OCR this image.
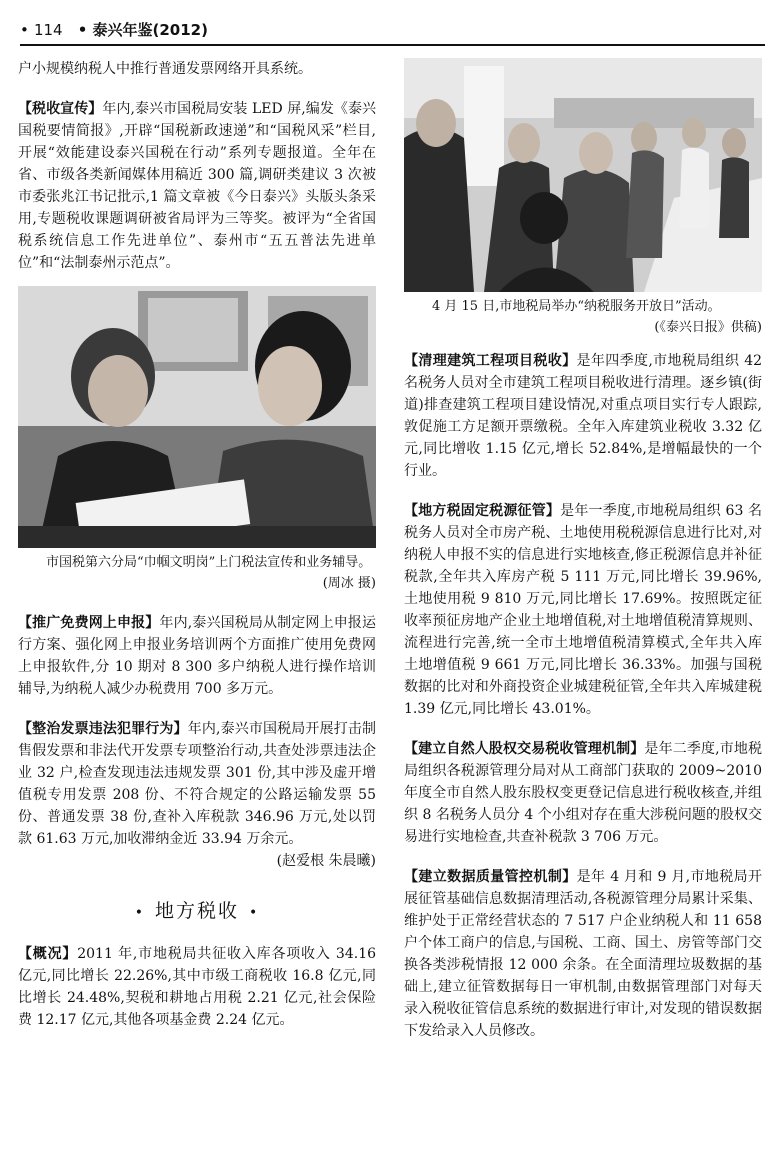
• 114 • 泰兴年鉴(2012)

户小规模纳税人中推行普通发票网络开具系统。

【税收宣传】年内,泰兴市国税局安装 LED 屏,编发《泰兴国税要情简报》,开辟“国税新政速递”和“国税风采”栏目,开展“效能建设泰兴国税在行动”系列专题报道。全年在省、市级各类新闻媒体用稿近 300 篇,调研类建议 3 次被市委张兆江书记批示,1 篇文章被《今日泰兴》头版头条采用,专题税收课题调研被省局评为三等奖。被评为“全省国税系统信息工作先进单位”、泰州市“五五普法先进单位”和“法制泰州示范点”。

市国税第六分局“巾帼文明岗”上门税法宣传和业务辅导。
(周冰 摄)

【推广免费网上申报】年内,泰兴国税局从制定网上申报运行方案、强化网上申报业务培训两个方面推广使用免费网上申报软件,分 10 期对 8 300 多户纳税人进行操作培训辅导,为纳税人减少办税费用 700 多万元。

【整治发票违法犯罪行为】年内,泰兴市国税局开展打击制售假发票和非法代开发票专项整治行动,共查处涉票违法企业 32 户,检查发现违法违规发票 301 份,其中涉及虚开增值税专用发票 208 份、不符合规定的公路运输发票 55 份、普通发票 38 份,查补入库税款 346.96 万元,处以罚款 61.63 万元,加收滞纳金近 33.94 万余元。
(赵爱根 朱晨曦)

• 地方税收 •

【概况】2011 年,市地税局共征收入库各项收入 34.16 亿元,同比增长 22.26%,其中市级工商税收 16.8 亿元,同比增长 24.48%,契税和耕地占用税 2.21 亿元,社会保险费 12.17 亿元,其他各项基金费 2.24 亿元。

4 月 15 日,市地税局举办“纳税服务开放日”活动。
(《泰兴日报》供稿)

【清理建筑工程项目税收】是年四季度,市地税局组织 42 名税务人员对全市建筑工程项目税收进行清理。逐乡镇(街道)排查建筑工程项目建设情况,对重点项目实行专人跟踪,敦促施工方足额开票缴税。全年入库建筑业税收 3.32 亿元,同比增收 1.15 亿元,增长 52.84%,是增幅最快的一个行业。

【地方税固定税源征管】是年一季度,市地税局组织 63 名税务人员对全市房产税、土地使用税税源信息进行比对,对纳税人申报不实的信息进行实地核查,修正税源信息并补征税款,全年共入库房产税 5 111 万元,同比增长 39.96%,土地使用税 9 810 万元,同比增长 17.69%。按照既定征收率预征房地产企业土地增值税,对土地增值税清算规则、流程进行完善,统一全市土地增值税清算模式,全年共入库土地增值税 9 661 万元,同比增长 36.33%。加强与国税数据的比对和外商投资企业城建税征管,全年共入库城建税 1.39 亿元,同比增长 43.01%。

【建立自然人股权交易税收管理机制】是年二季度,市地税局组织各税源管理分局对从工商部门获取的 2009~2010 年度全市自然人股东股权变更登记信息进行税收核查,并组织 8 名税务人员分 4 个小组对存在重大涉税问题的股权交易进行实地检查,共查补税款 3 706 万元。

【建立数据质量管控机制】是年 4 月和 9 月,市地税局开展征管基础信息数据清理活动,各税源管理分局累计采集、维护处于正常经营状态的 7 517 户企业纳税人和 11 658 户个体工商户的信息,与国税、工商、国土、房管等部门交换各类涉税情报 12 000 余条。在全面清理垃圾数据的基础上,建立征管数据每日一审机制,由数据管理部门对每天录入税收征管信息系统的数据进行审计,对发现的错误数据下发给录入人员修改。
